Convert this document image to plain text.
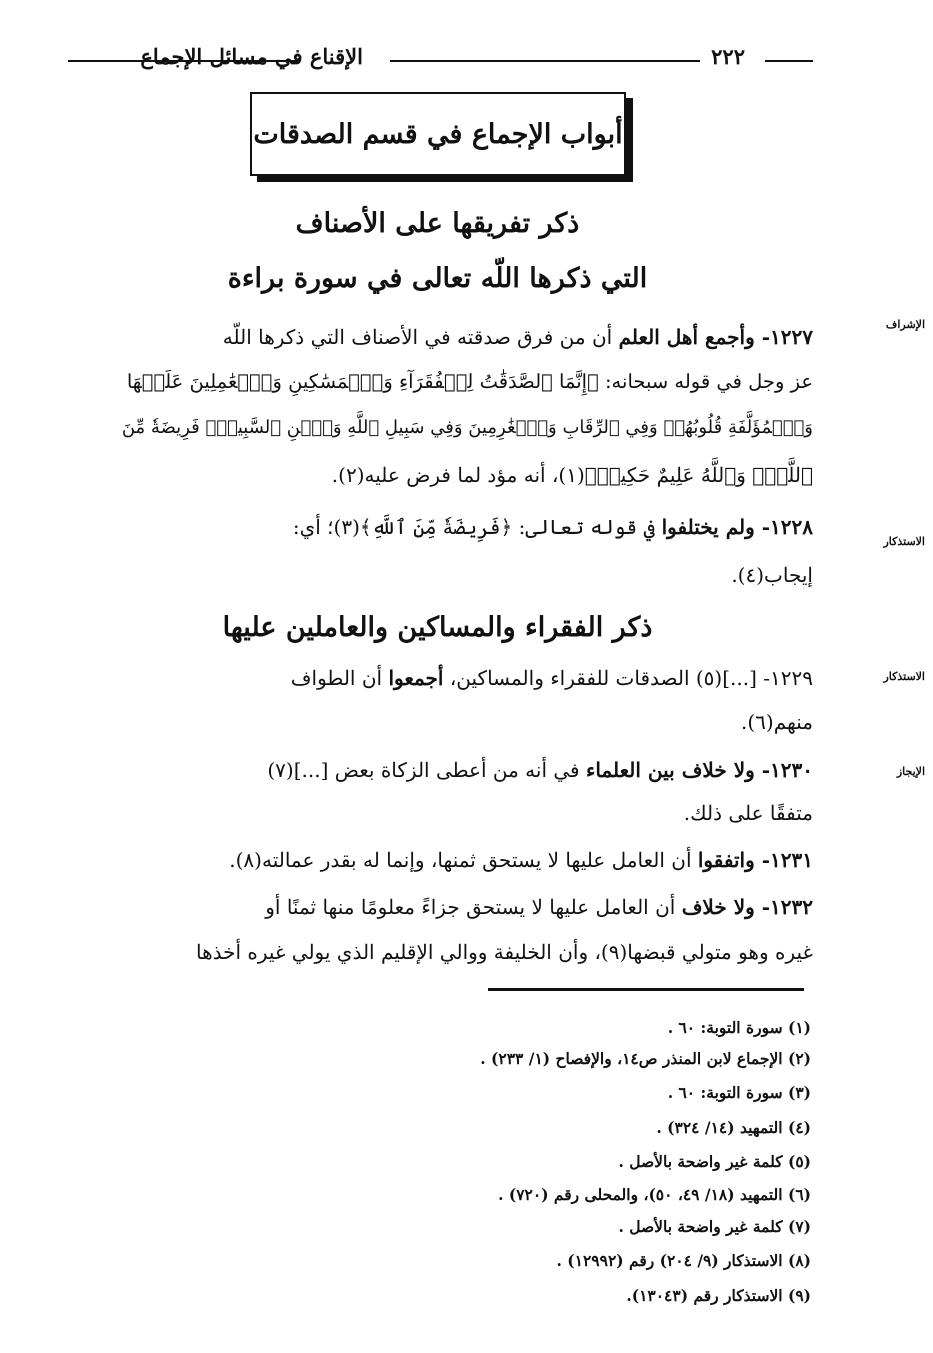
الإقناع في مسائل الإجماع	٢٢٢
أبواب الإجماع في قسم الصدقات
ذكر تفريقها على الأصناف
التي ذكرها اللّه تعالى في سورة براءة
الإشراف
١٢٢٧- وأجمع أهل العلم أن من فرق صدقته في الأصناف التي ذكرها اللّه
عز وجل في قوله سبحانه: ﴿إِنَّمَا ٱلصَّدَقَٰتُ لِلۡفُقَرَآءِ وَٱلۡمَسَٰكِينِ وَٱلۡعَٰمِلِينَ عَلَيۡهَا
وَٱلۡمُؤَلَّفَةِ قُلُوبُهُمۡ وَفِي ٱلرِّقَابِ وَٱلۡغَٰرِمِينَ وَفِي سَبِيلِ ٱللَّهِ وَٱبۡنِ ٱلسَّبِيلِۖ فَرِيضَةٗ مِّنَ
ٱللَّهِۗ وَٱللَّهُ عَلِيمٌ حَكِيمٞ﴾(١)، أنه مؤد لما فرض عليه(٢).
الاستذكار
١٢٢٨- ولم يختلفوا في قوله تعالى: ﴿فَرِيضَةٗ مِّنَ ٱللَّهِ﴾(٣)؛ أي:
إيجاب(٤).
ذكر الفقراء والمساكين والعاملين عليها
الاستذكار
١٢٢٩- [...](٥) الصدقات للفقراء والمساكين، أجمعوا أن الطواف
منهم(٦).
الإيجاز
١٢٣٠- ولا خلاف بين العلماء في أنه من أعطى الزكاة بعض [...](٧)
متفقًا على ذلك.
١٢٣١- واتفقوا أن العامل عليها لا يستحق ثمنها، وإنما له بقدر عمالته(٨).
١٢٣٢- ولا خلاف أن العامل عليها لا يستحق جزاءً معلومًا منها ثمنًا أو
غيره وهو متولي قبضها(٩)، وأن الخليفة ووالي الإقليم الذي يولي غيره أخذها
(١) سورة التوبة: ٦٠ .
(٢) الإجماع لابن المنذر ص١٤، والإفصاح (١/ ٢٣٣) .
(٣) سورة التوبة: ٦٠ .
(٤) التمهيد (١٤/ ٣٢٤) .
(٥) كلمة غير واضحة بالأصل .
(٦) التمهيد (١٨/ ٤٩، ٥٠)، والمحلى رقم (٧٢٠) .
(٧) كلمة غير واضحة بالأصل .
(٨) الاستذكار (٩/ ٢٠٤) رقم (١٢٩٩٢) .
(٩) الاستذكار رقم (١٣٠٤٣).
